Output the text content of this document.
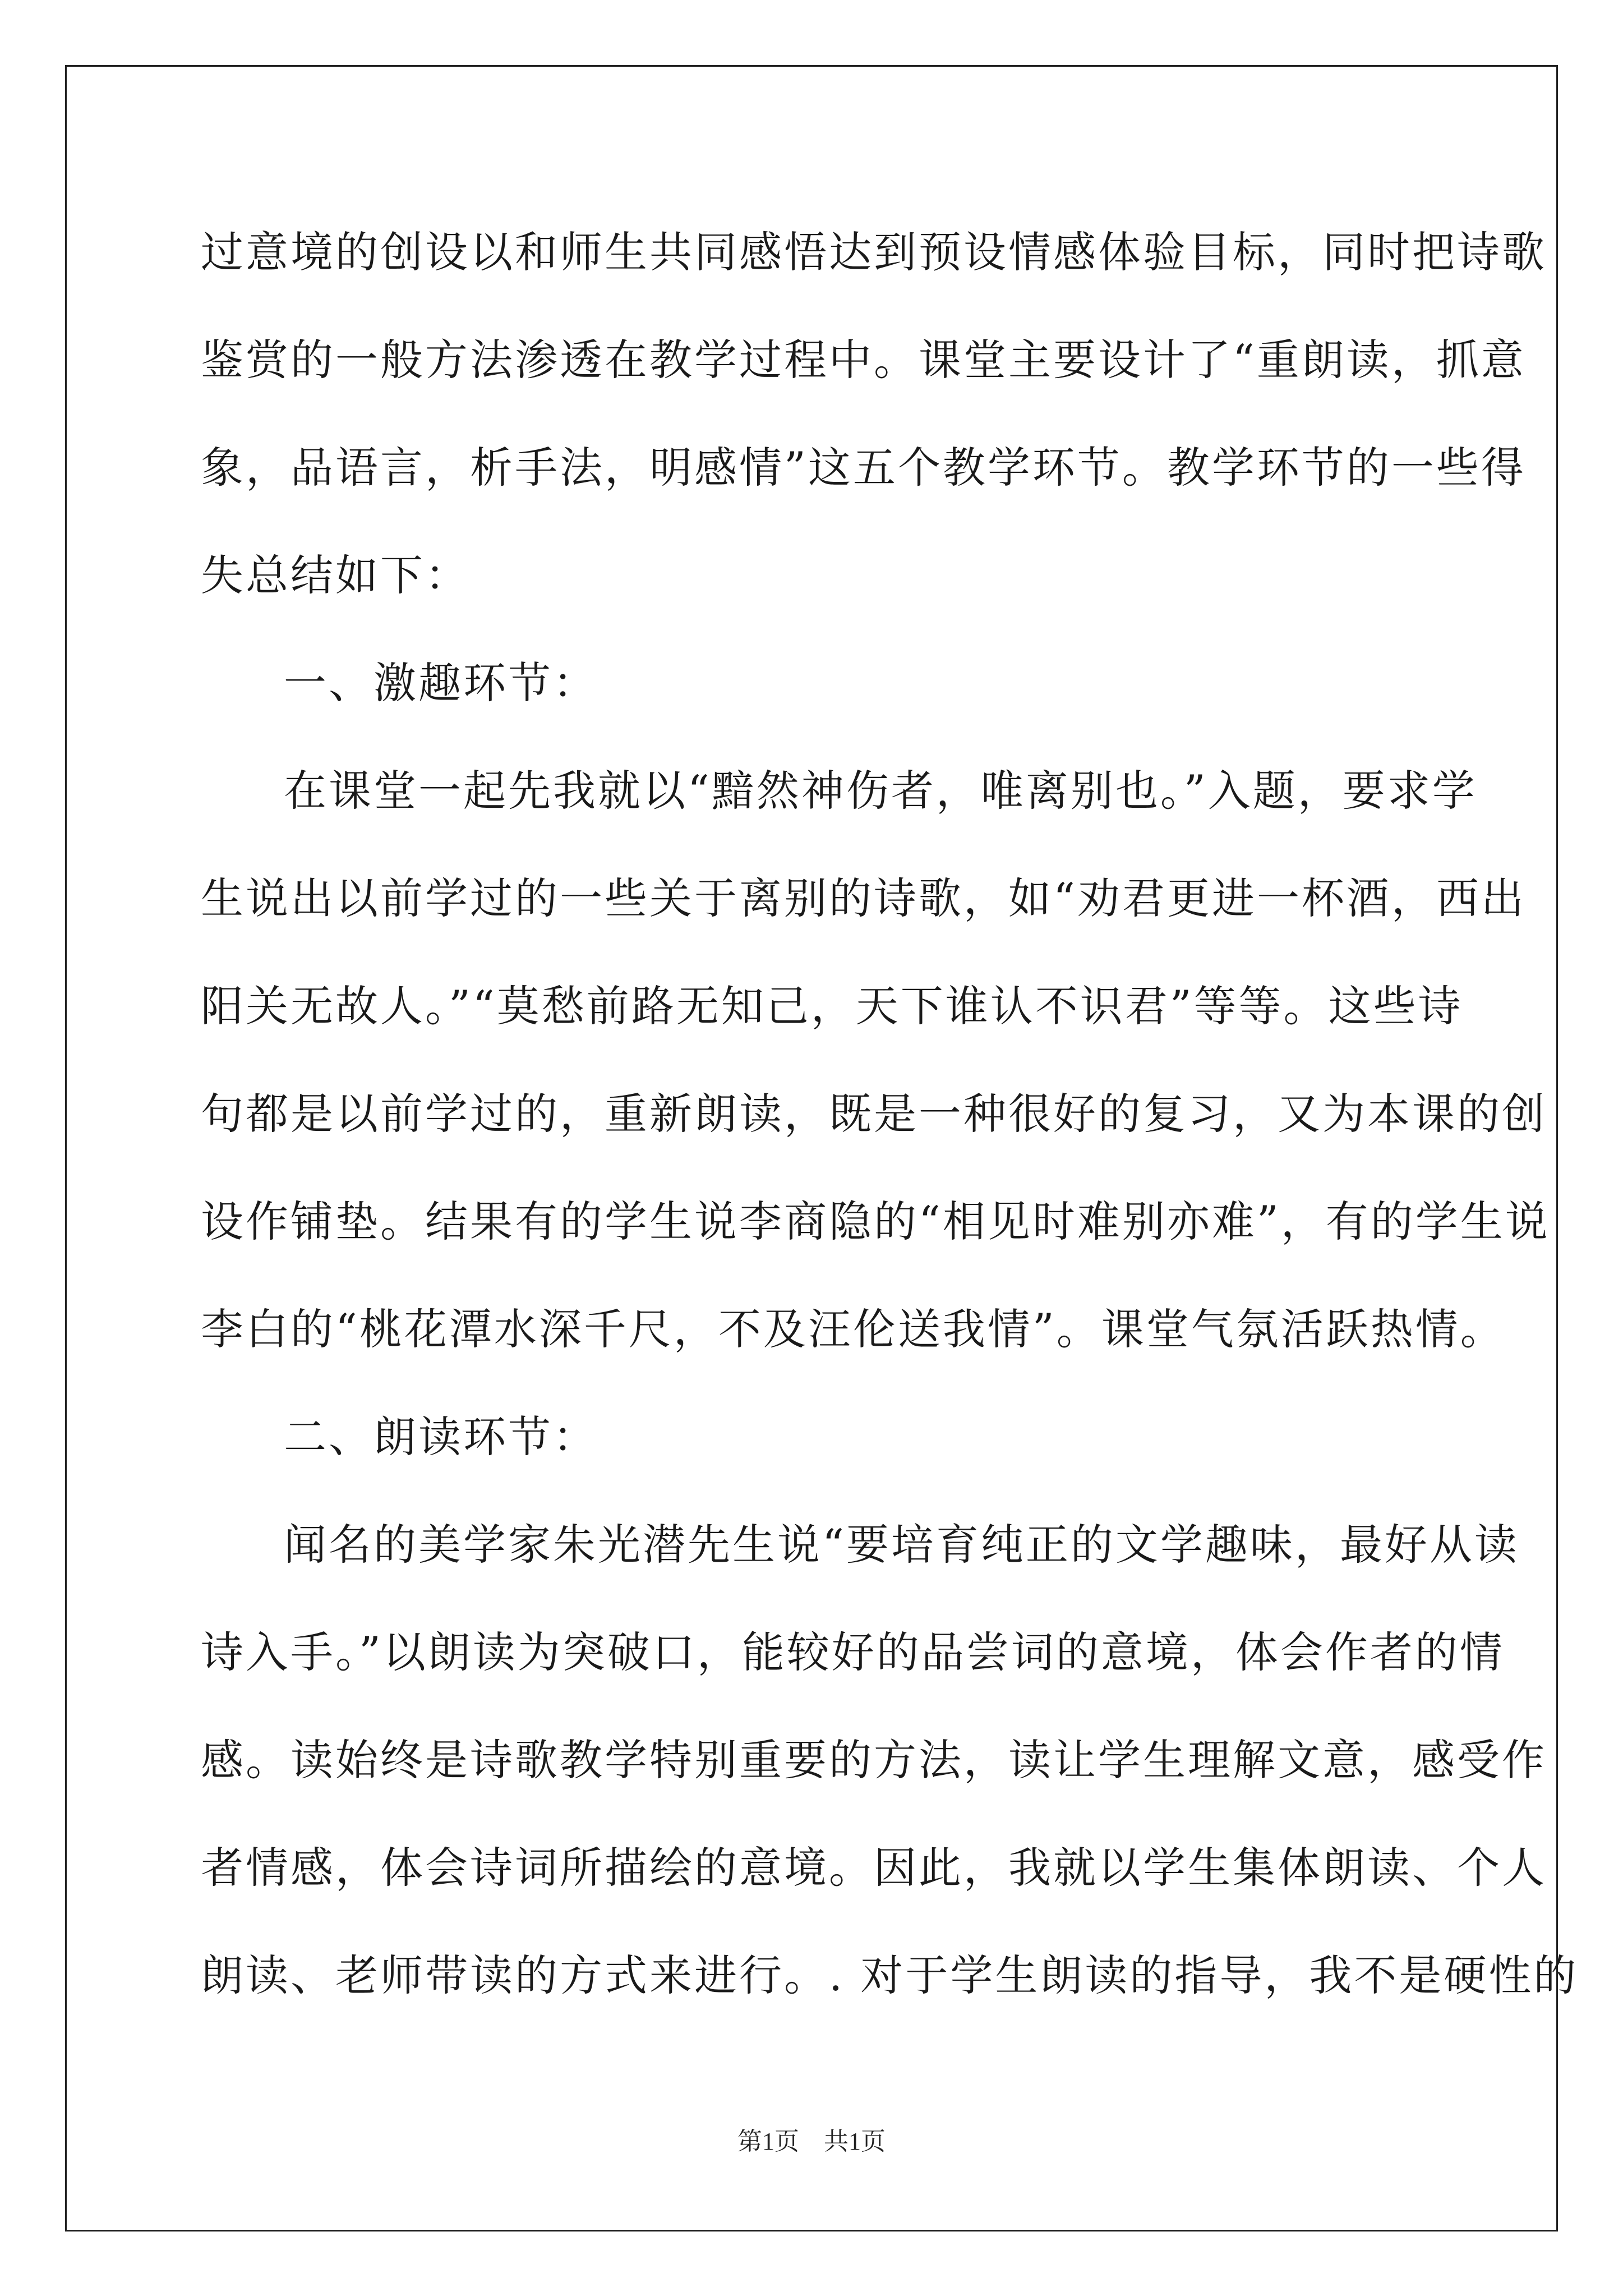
过意境的创设以和师生共同感悟达到预设情感体验目标，同时把诗歌
鉴赏的一般方法渗透在教学过程中。课堂主要设计了“重朗读，抓意
象，品语言，析手法，明感情”这五个教学环节。教学环节的一些得
失总结如下：
一、激趣环节：
在课堂一起先我就以“黯然神伤者，唯离别也。”入题，要求学
生说出以前学过的一些关于离别的诗歌，如“劝君更进一杯酒，西出
阳关无故人。”“莫愁前路无知己，天下谁认不识君”等等。这些诗
句都是以前学过的，重新朗读，既是一种很好的复习，又为本课的创
设作铺垫。结果有的学生说李商隐的“相见时难别亦难”，有的学生说
李白的“桃花潭水深千尺，不及汪伦送我情”。课堂气氛活跃热情。
二、朗读环节：
闻名的美学家朱光潜先生说“要培育纯正的文学趣味，最好从读
诗入手。”以朗读为突破口，能较好的品尝词的意境，体会作者的情
感。读始终是诗歌教学特别重要的方法，读让学生理解文意，感受作
者情感，体会诗词所描绘的意境。因此，我就以学生集体朗读、个人
朗读、老师带读的方式来进行。. 对于学生朗读的指导，我不是硬性的
第1页　共1页
